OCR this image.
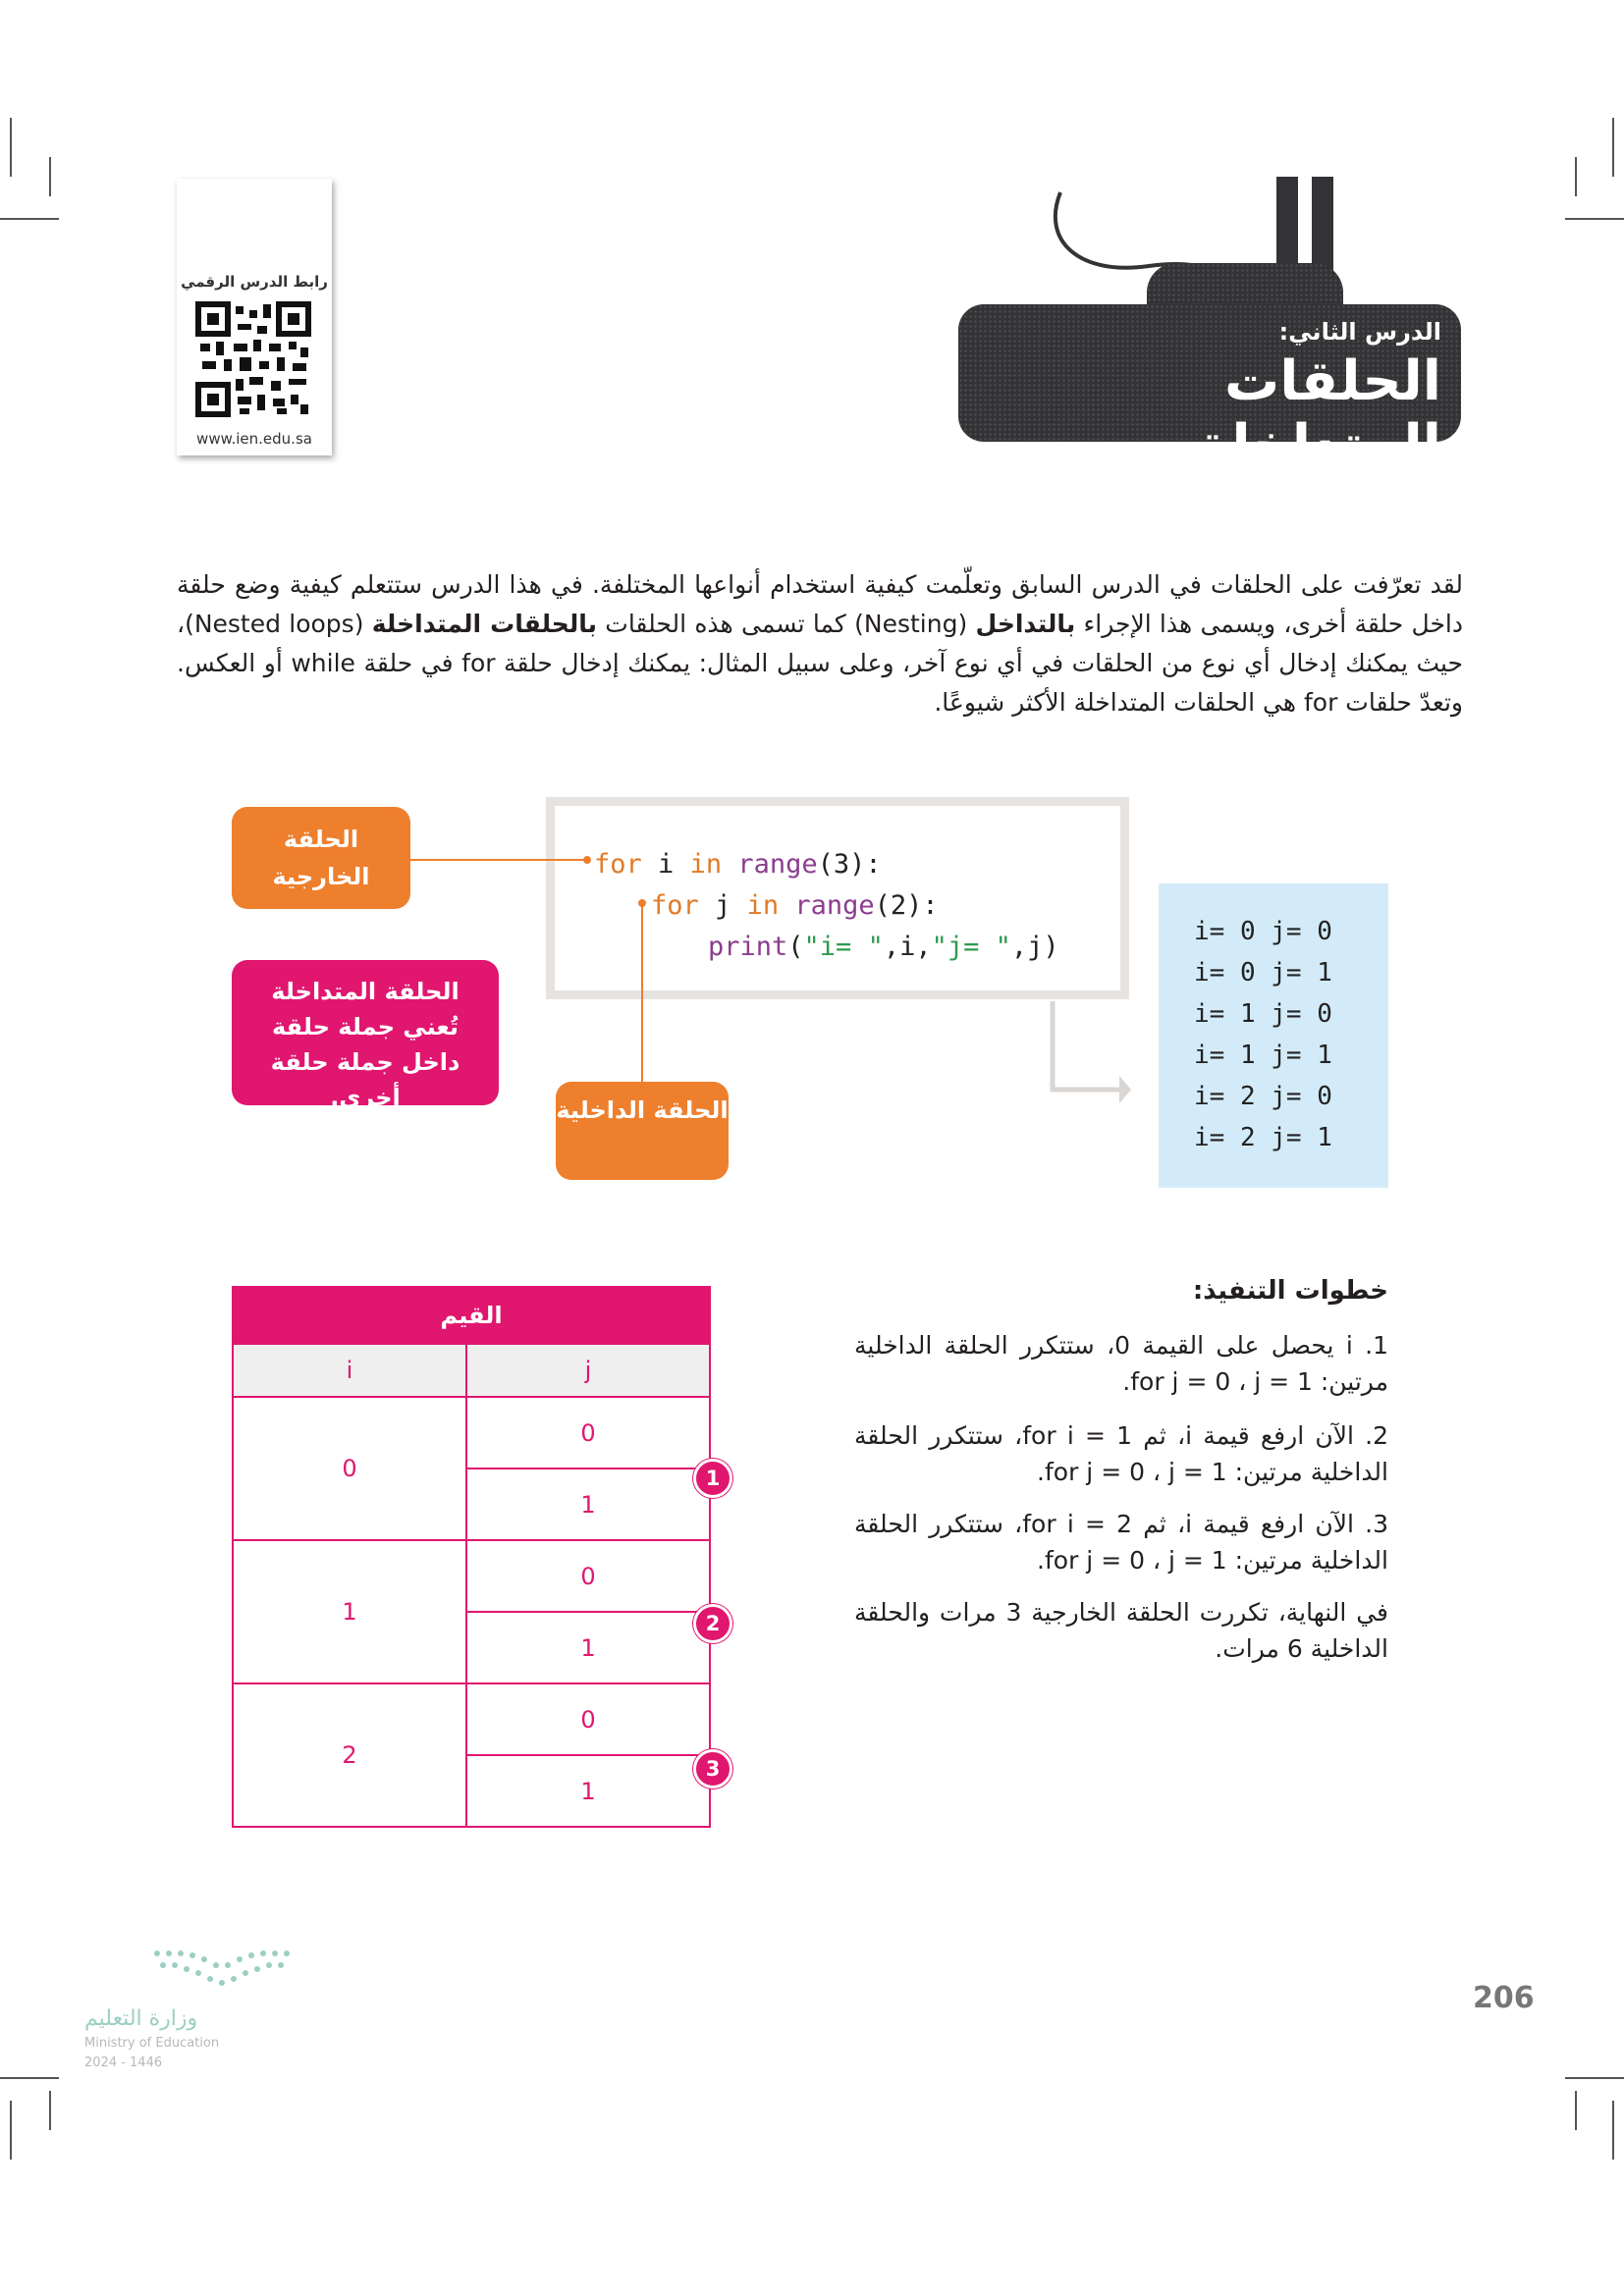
رابط الدرس الرقمي
www.ien.edu.sa
الدرس الثاني:
الحلقات المتداخلة

لقد تعرّفت على الحلقات في الدرس السابق وتعلّمت كيفية استخدام أنواعها المختلفة. في هذا الدرس ستتعلم كيفية وضع حلقة داخل حلقة أخرى، ويسمى هذا الإجراء بالتداخل (Nesting) كما تسمى هذه الحلقات بالحلقات المتداخلة (Nested loops)، حيث يمكنك إدخال أي نوع من الحلقات في أي نوع آخر، وعلى سبيل المثال: يمكنك إدخال حلقة for في حلقة while أو العكس. وتعدّ حلقات for هي الحلقات المتداخلة الأكثر شيوعًا.

for i in range(3):
for j in range(2):
print("i= ",i,"j= ",j)	i= 0 j= 0
i= 0 j= 1
i= 1 j= 0
i= 1 j= 1
i= 2 j= 0
i= 2 j= 1
الحلقة الخارجية
الحلقة المتداخلة تُعني جملة حلقة داخل جملة حلقة أخرى.	الحلقة الداخلية
خطوات التنفيذ:
1. i يحصل على القيمة 0، ستتكرر الحلقة الداخلية مرتين: for j = 0 ، j = 1.
2. الآن ارفع قيمة i، ثم for i = 1، ستتكرر الحلقة الداخلية مرتين: for j = 0 ، j = 1.
3. الآن ارفع قيمة i، ثم for i = 2، ستتكرر الحلقة الداخلية مرتين: for j = 0 ، j = 1.
في النهاية، تكررت الحلقة الخارجية 3 مرات والحلقة الداخلية 6 مرات.
القيم	
i	j
0	0
	1
1	0
	1
2	0
	1
1
2
3
206
وزارة التعليم
Ministry of Education
2024 - 1446
